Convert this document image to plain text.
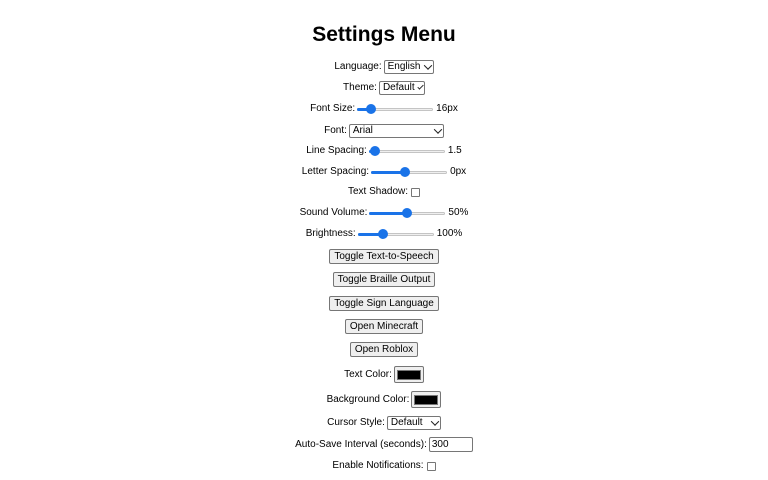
Settings Menu
Language: English
Theme: Default
Font Size:	16px
Font: Arial
Line Spacing:	1.5
Letter Spacing:	0px
Text Shadow:
Sound Volume:	50%
Brightness:	100%
Toggle Text-to-Speech
Toggle Braille Output
Toggle Sign Language
Open Minecraft
Open Roblox
Text Color:
Background Color:
Cursor Style: Default
Auto-Save Interval (seconds): 300
Enable Notifications:
